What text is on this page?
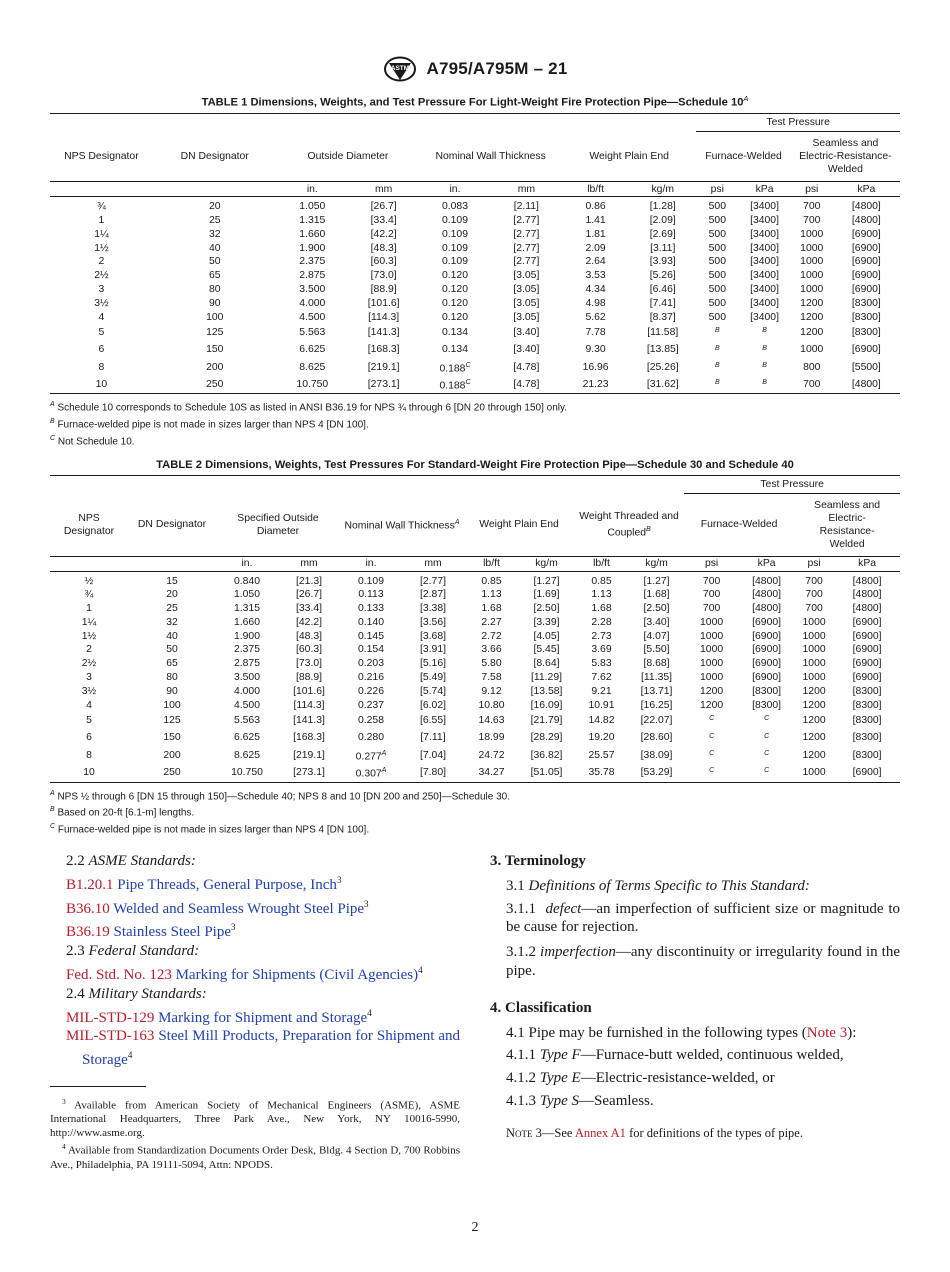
ASTM A795/A795M – 21
TABLE 1 Dimensions, Weights, and Test Pressure For Light-Weight Fire Protection Pipe—Schedule $10^A$
								Test Pressure			
NPS Designator	DN Designator	Outside Diameter		Nominal Wall Thickness		Weight Plain End		Furnace-Welded		Seamless and Electric-Resistance-Welded	
		in.	mm	in.	mm	lb/ft	kg/m	psi	kPa	psi	kPa
¾	20	1.050	[26.7]	0.083	[2.11]	0.86	[1.28]	500	[3400]	700	[4800]
1	25	1.315	[33.4]	0.109	[2.77]	1.41	[2.09]	500	[3400]	700	[4800]
1¼	32	1.660	[42.2]	0.109	[2.77]	1.81	[2.69]	500	[3400]	1000	[6900]
1½	40	1.900	[48.3]	0.109	[2.77]	2.09	[3.11]	500	[3400]	1000	[6900]
2	50	2.375	[60.3]	0.109	[2.77]	2.64	[3.93]	500	[3400]	1000	[6900]
2½	65	2.875	[73.0]	0.120	[3.05]	3.53	[5.26]	500	[3400]	1000	[6900]
3	80	3.500	[88.9]	0.120	[3.05]	4.34	[6.46]	500	[3400]	1000	[6900]
3½	90	4.000	[101.6]	0.120	[3.05]	4.98	[7.41]	500	[3400]	1200	[8300]
4	100	4.500	[114.3]	0.120	[3.05]	5.62	[8.37]	500	[3400]	1200	[8300]
5	125	5.563	[141.3]	0.134	[3.40]	7.78	[11.58]	$^B$	$^B$	1200	[8300]
6	150	6.625	[168.3]	0.134	[3.40]	9.30	[13.85]	$^B$	$^B$	1000	[6900]
8	200	8.625	[219.1]	$0.188^C$	[4.78]	16.96	[25.26]	$^B$	$^B$	800	[5500]
10	250	10.750	[273.1]	$0.188^C$	[4.78]	21.23	[31.62]	$^B$	$^B$	700	[4800]
$^A$ Schedule 10 corresponds to Schedule 10S as listed in ANSI B36.19 for NPS ¾ through 6 [DN 20 through 150] only.
$^B$ Furnace-welded pipe is not made in sizes larger than NPS 4 [DN 100].
$^C$ Not Schedule 10.
TABLE 2 Dimensions, Weights, Test Pressures For Standard-Weight Fire Protection Pipe—Schedule 30 and Schedule 40
										Test Pressure			
NPS Designator	DN Designator	Specified Outside Diameter		Nominal Wall Thickness$^A$		Weight Plain End		Weight Threaded and Coupled$^B$		Furnace-Welded		Seamless and Electric-Resistance-Welded	
		in.	mm	in.	mm	lb/ft	kg/m	lb/ft	kg/m	psi	kPa	psi	kPa
½	15	0.840	[21.3]	0.109	[2.77]	0.85	[1.27]	0.85	[1.27]	700	[4800]	700	[4800]
¾	20	1.050	[26.7]	0.113	[2.87]	1.13	[1.69]	1.13	[1.68]	700	[4800]	700	[4800]
1	25	1.315	[33.4]	0.133	[3.38]	1.68	[2.50]	1.68	[2.50]	700	[4800]	700	[4800]
1¼	32	1.660	[42.2]	0.140	[3.56]	2.27	[3.39]	2.28	[3.40]	1000	[6900]	1000	[6900]
1½	40	1.900	[48.3]	0.145	[3.68]	2.72	[4.05]	2.73	[4.07]	1000	[6900]	1000	[6900]
2	50	2.375	[60.3]	0.154	[3.91]	3.66	[5.45]	3.69	[5.50]	1000	[6900]	1000	[6900]
2½	65	2.875	[73.0]	0.203	[5.16]	5.80	[8.64]	5.83	[8.68]	1000	[6900]	1000	[6900]
3	80	3.500	[88.9]	0.216	[5.49]	7.58	[11.29]	7.62	[11.35]	1000	[6900]	1000	[6900]
3½	90	4.000	[101.6]	0.226	[5.74]	9.12	[13.58]	9.21	[13.71]	1200	[8300]	1200	[8300]
4	100	4.500	[114.3]	0.237	[6.02]	10.80	[16.09]	10.91	[16.25]	1200	[8300]	1200	[8300]
5	125	5.563	[141.3]	0.258	[6.55]	14.63	[21.79]	14.82	[22.07]	$^C$	$^C$	1200	[8300]
6	150	6.625	[168.3]	0.280	[7.11]	18.99	[28.29]	19.20	[28.60]	$^C$	$^C$	1200	[8300]
8	200	8.625	[219.1]	$0.277^A$	[7.04]	24.72	[36.82]	25.57	[38.09]	$^C$	$^C$	1200	[8300]
10	250	10.750	[273.1]	$0.307^A$	[7.80]	34.27	[51.05]	35.78	[53.29]	$^C$	$^C$	1000	[6900]
$^A$ NPS ½ through 6 [DN 15 through 150]—Schedule 40; NPS 8 and 10 [DN 200 and 250]—Schedule 30.
$^B$ Based on 20-ft [6.1-m] lengths.
$^C$ Furnace-welded pipe is not made in sizes larger than NPS 4 [DN 100].

2.2 ASME Standards:

B1.20.1 Pipe Threads, General Purpose, Inch$^3$

B36.10 Welded and Seamless Wrought Steel Pipe$^3$

B36.19 Stainless Steel Pipe$^3$

2.3 Federal Standard:

Fed. Std. No. 123 Marking for Shipments (Civil Agencies)$^4$

2.4 Military Standards:

MIL-STD-129 Marking for Shipment and Storage$^4$

MIL-STD-163 Steel Mill Products, Preparation for Shipment and Storage$^4$

$^3$ Available from American Society of Mechanical Engineers (ASME), ASME International Headquarters, Three Park Ave., New York, NY 10016-5990, http://www.asme.org.

$^4$ Available from Standardization Documents Order Desk, Bldg. 4 Section D, 700 Robbins Ave., Philadelphia, PA 19111-5094, Attn: NPODS.

3. Terminology

3.1 Definitions of Terms Specific to This Standard:

3.1.1 defect—an imperfection of sufficient size or magnitude to be cause for rejection.

3.1.2 imperfection—any discontinuity or irregularity found in the pipe.

4. Classification

4.1 Pipe may be furnished in the following types (Note 3):

4.1.1 Type F—Furnace-butt welded, continuous welded,

4.1.2 Type E—Electric-resistance-welded, or

4.1.3 Type S—Seamless.

Note 3—See Annex A1 for definitions of the types of pipe.

2
